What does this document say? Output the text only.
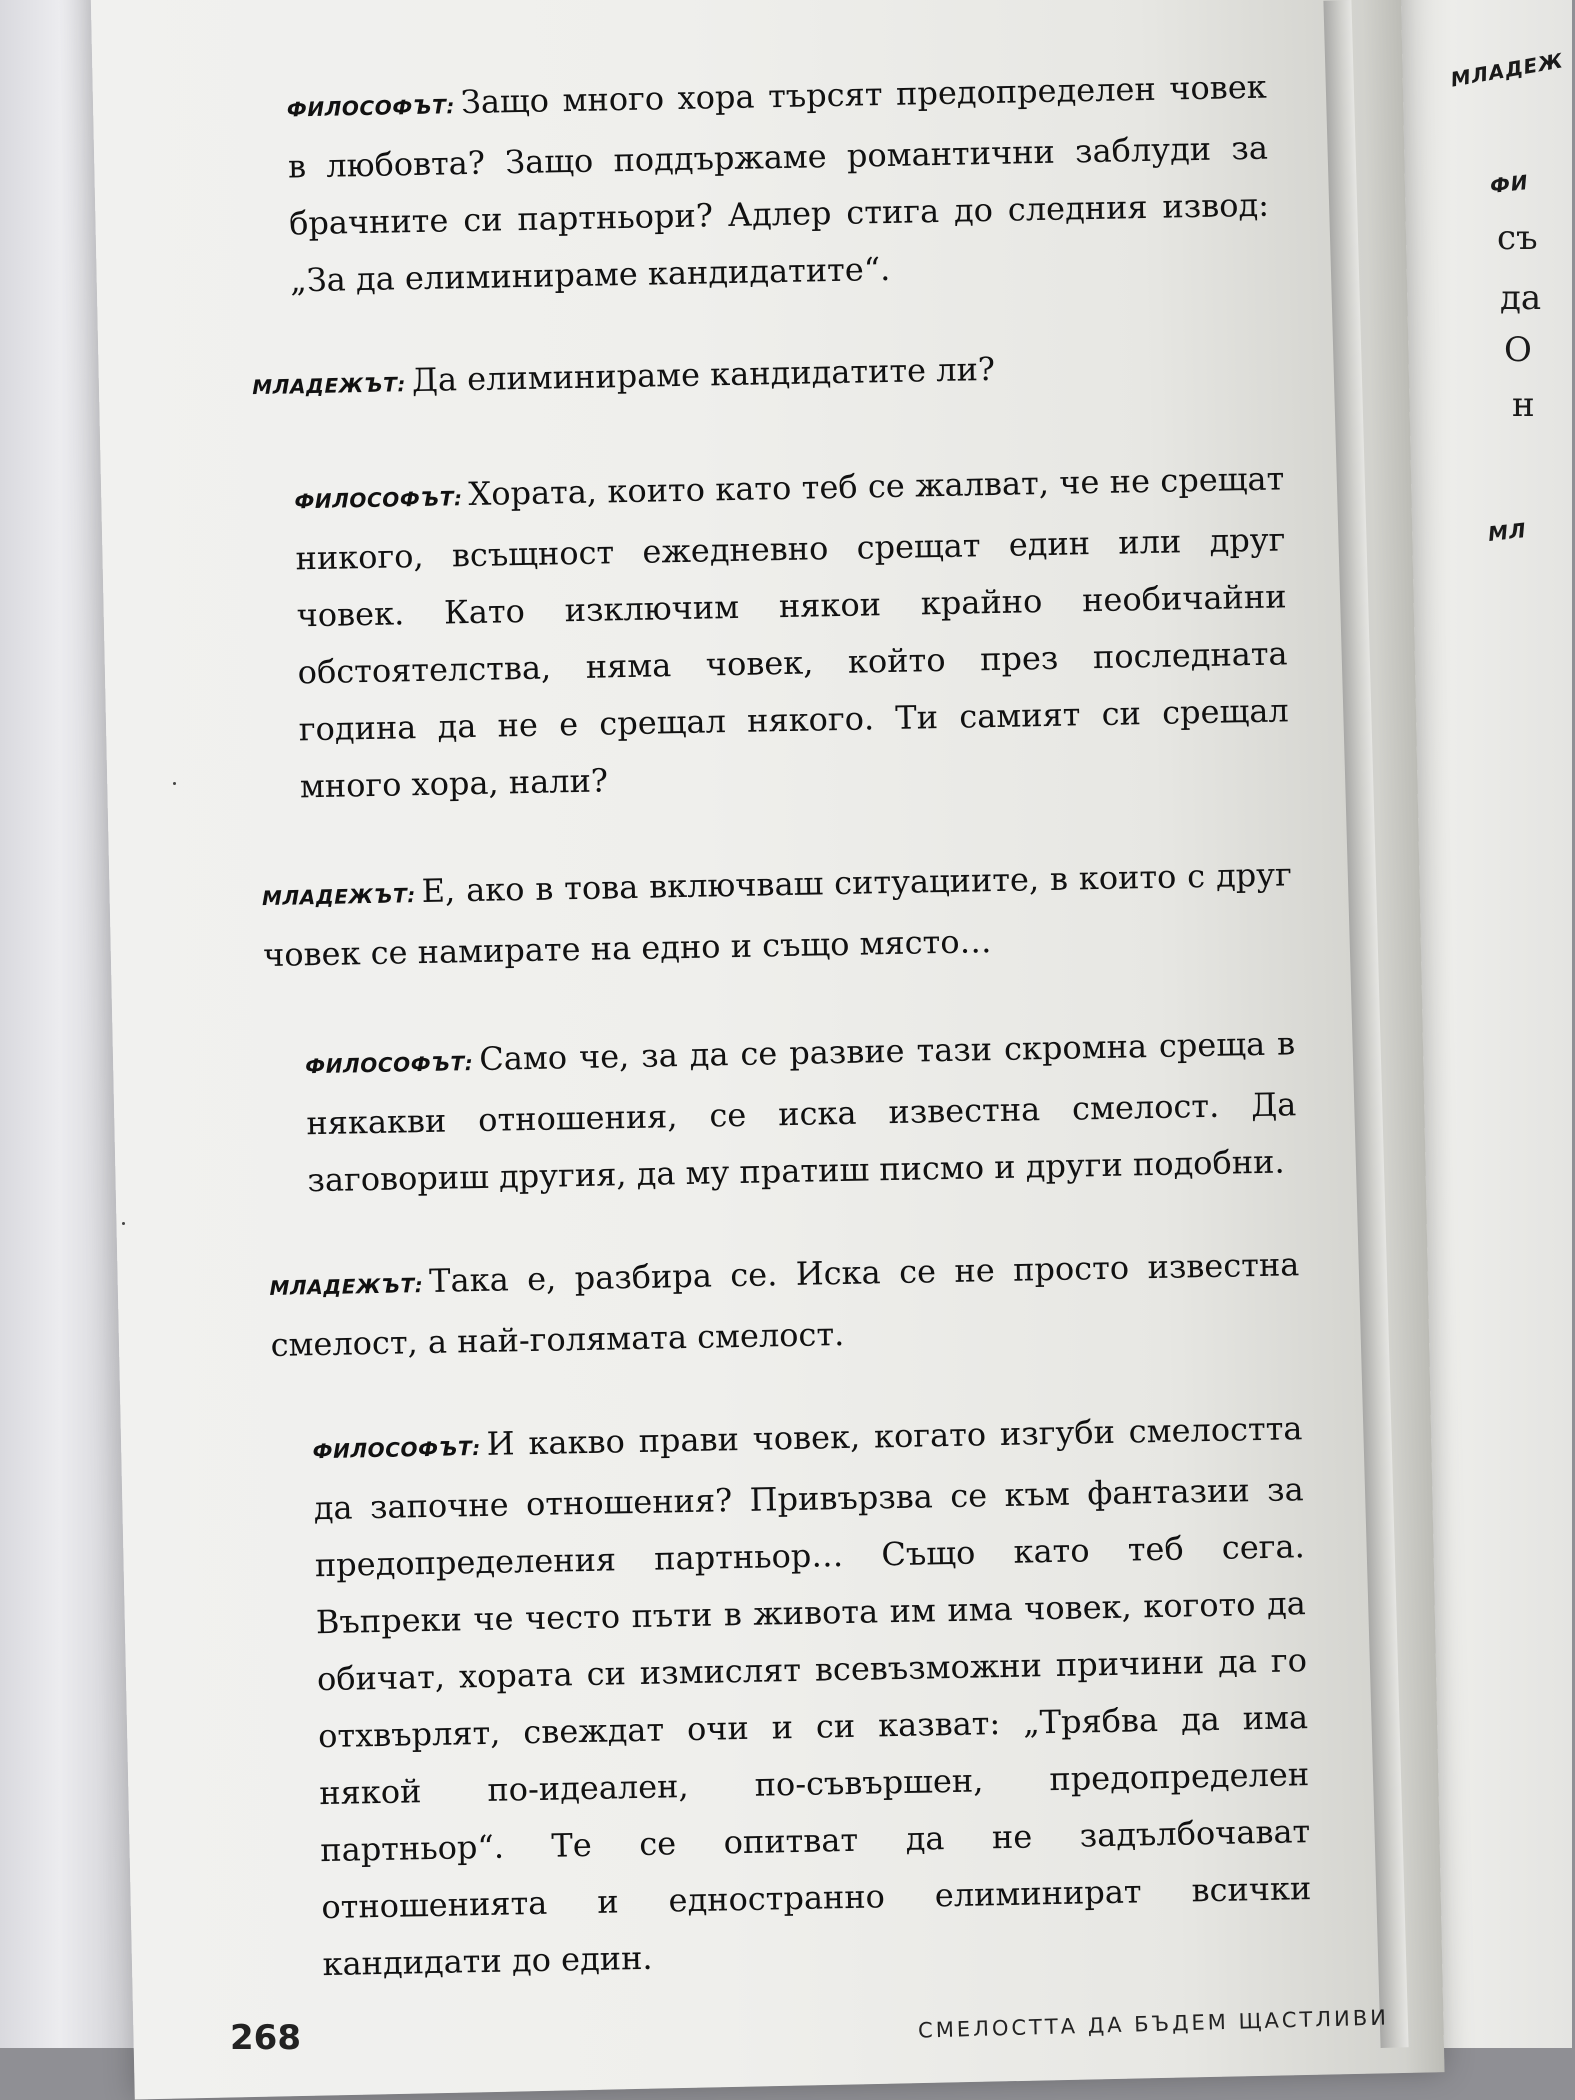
МЛАДЕЖ
ФИ
съ
да
О
н
МЛ

ФИЛОСОФЪТ: Защо много хора търсят предопределен човек в любовта? Защо поддържаме романтични заблуди за брачните си партньори? Адлер стига до следния извод: „За да елиминираме кандидатите“.

МЛАДЕЖЪТ: Да елиминираме кандидатите ли?

ФИЛОСОФЪТ: Хората, които като теб се жалват, че не срещат никого, всъщност ежедневно срещат един или друг човек. Като изключим някои крайно необичайни обстоятелства, няма човек, който през последната година да не е срещал някого. Ти самият си срещал много хора, нали?

МЛАДЕЖЪТ: Е, ако в това включваш ситуациите, в които с друг човек се намирате на едно и също място…

ФИЛОСОФЪТ: Само че, за да се развие тази скромна среща в някакви отношения, се иска известна смелост. Да заговориш другия, да му пратиш писмо и други подобни.

МЛАДЕЖЪТ: Така е, разбира се. Иска се не просто известна смелост, а най-голямата смелост.

ФИЛОСОФЪТ: И какво прави човек, когато изгуби смелостта да започне отношения? Привързва се към фантазии за предопределения партньор… Също като теб сега. Въпреки че често пъти в живота им има човек, когото да обичат, хората си измислят всевъзможни причини да го отхвърлят, свеждат очи и си казват: „Трябва да има някой по-идеален, по-съвършен, предопределен партньор“. Те се опитват да не задълбочават отношенията и едностранно елиминират всички кандидати до един.

268	СМЕЛОСТТА ДА БЪДЕМ ЩАСТЛИВИ
